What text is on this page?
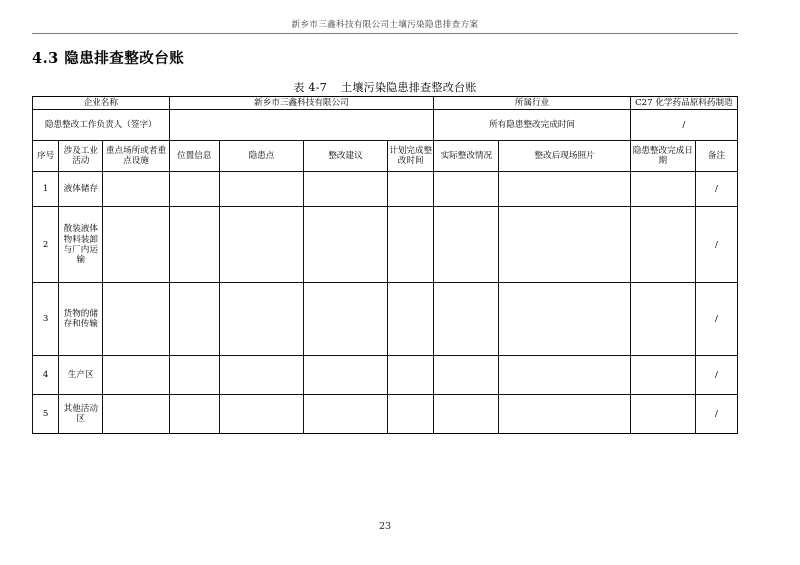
新乡市三鑫科技有限公司土壤污染隐患排查方案
4.3 隐患排查整改台账
表 4-7 土壤污染隐患排查整改台账
企业名称			新乡市三鑫科技有限公司				所属行业		C27 化学药品原料药制造	
隐患整改工作负责人（签字）							所有隐患整改完成时间		/	
序号	涉及工业活动	重点场所或者重点设施	位置信息	隐患点	整改建议	计划完成整改时间	实际整改情况	整改后现场照片	隐患整改完成日期	备注
1	液体储存									/
2	散装液体物料装卸与厂内运输									/
3	货物的储存和传输									/
4	生产区									/
5	其他活动区									/
23
